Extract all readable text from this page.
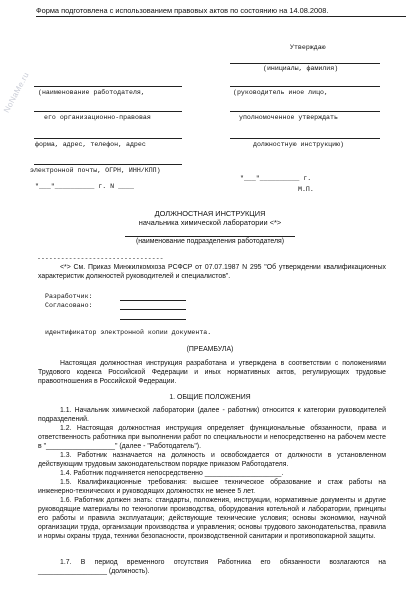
NoNaMe.ru
Форма подготовлена с использованием правовых актов по состоянию на 14.08.2008.
Утверждаю
(инициалы, фамилия)
(наименование работодателя,	(руководитель иное лицо,
его организационно-правовая	уполномоченное утверждать
форма, адрес, телефон, адрес	должностную инструкцию)
электронной почты, ОГРН, ИНН/КПП)
"___"__________ г. N ____
"___"__________ г.
М.П.
ДОЛЖНОСТНАЯ ИНСТРУКЦИЯ
начальника химической лаборатории <*>
(наименование подразделения работодателя)
--------------------------------
<*> См. Приказ Минжилкомхоза РСФСР от 07.07.1987 N 295 "Об утверждении квалификационных характеристик должностей руководителей и специалистов".
Разработчик:
Согласовано:
идентификатор электронной копии документа.
(ПРЕАМБУЛА)
Настоящая должностная инструкция разработана и утверждена в соответствии с положениями Трудового кодекса Российской Федерации и иных нормативных актов, регулирующих трудовые правоотношения в Российской Федерации.
1. ОБЩИЕ ПОЛОЖЕНИЯ
1.1. Начальник химической лаборатории (далее - работник) относится к категории руководителей подразделений.
1.2. Настоящая должностная инструкция определяет функциональные обязанности, права и ответственность работника при выполнении работ по специальности и непосредственно на рабочем месте в "__________________" (далее - "Работодатель").
1.3. Работник назначается на должность и освобождается от должности в установленном действующим трудовым законодательством порядке приказом Работодателя.
1.4. Работник подчиняется непосредственно ____________________.
1.5. Квалификационные требования: высшее техническое образование и стаж работы на инженерно-технических и руководящих должностях не менее 5 лет.
1.6. Работник должен знать: стандарты, положения, инструкции, нормативные документы и другие руководящие материалы по технологии производства, оборудования котельной и лаборатории, принципы его работы и правила эксплуатации; действующие технические условия; основы экономики, научной организации труда, организации производства и управления; основы трудового законодательства, правила и нормы охраны труда, техники безопасности, производственной санитарии и противопожарной защиты.
1.7. В период временного отсутствия Работника его обязанности возлагаются на __________________ (должность).
